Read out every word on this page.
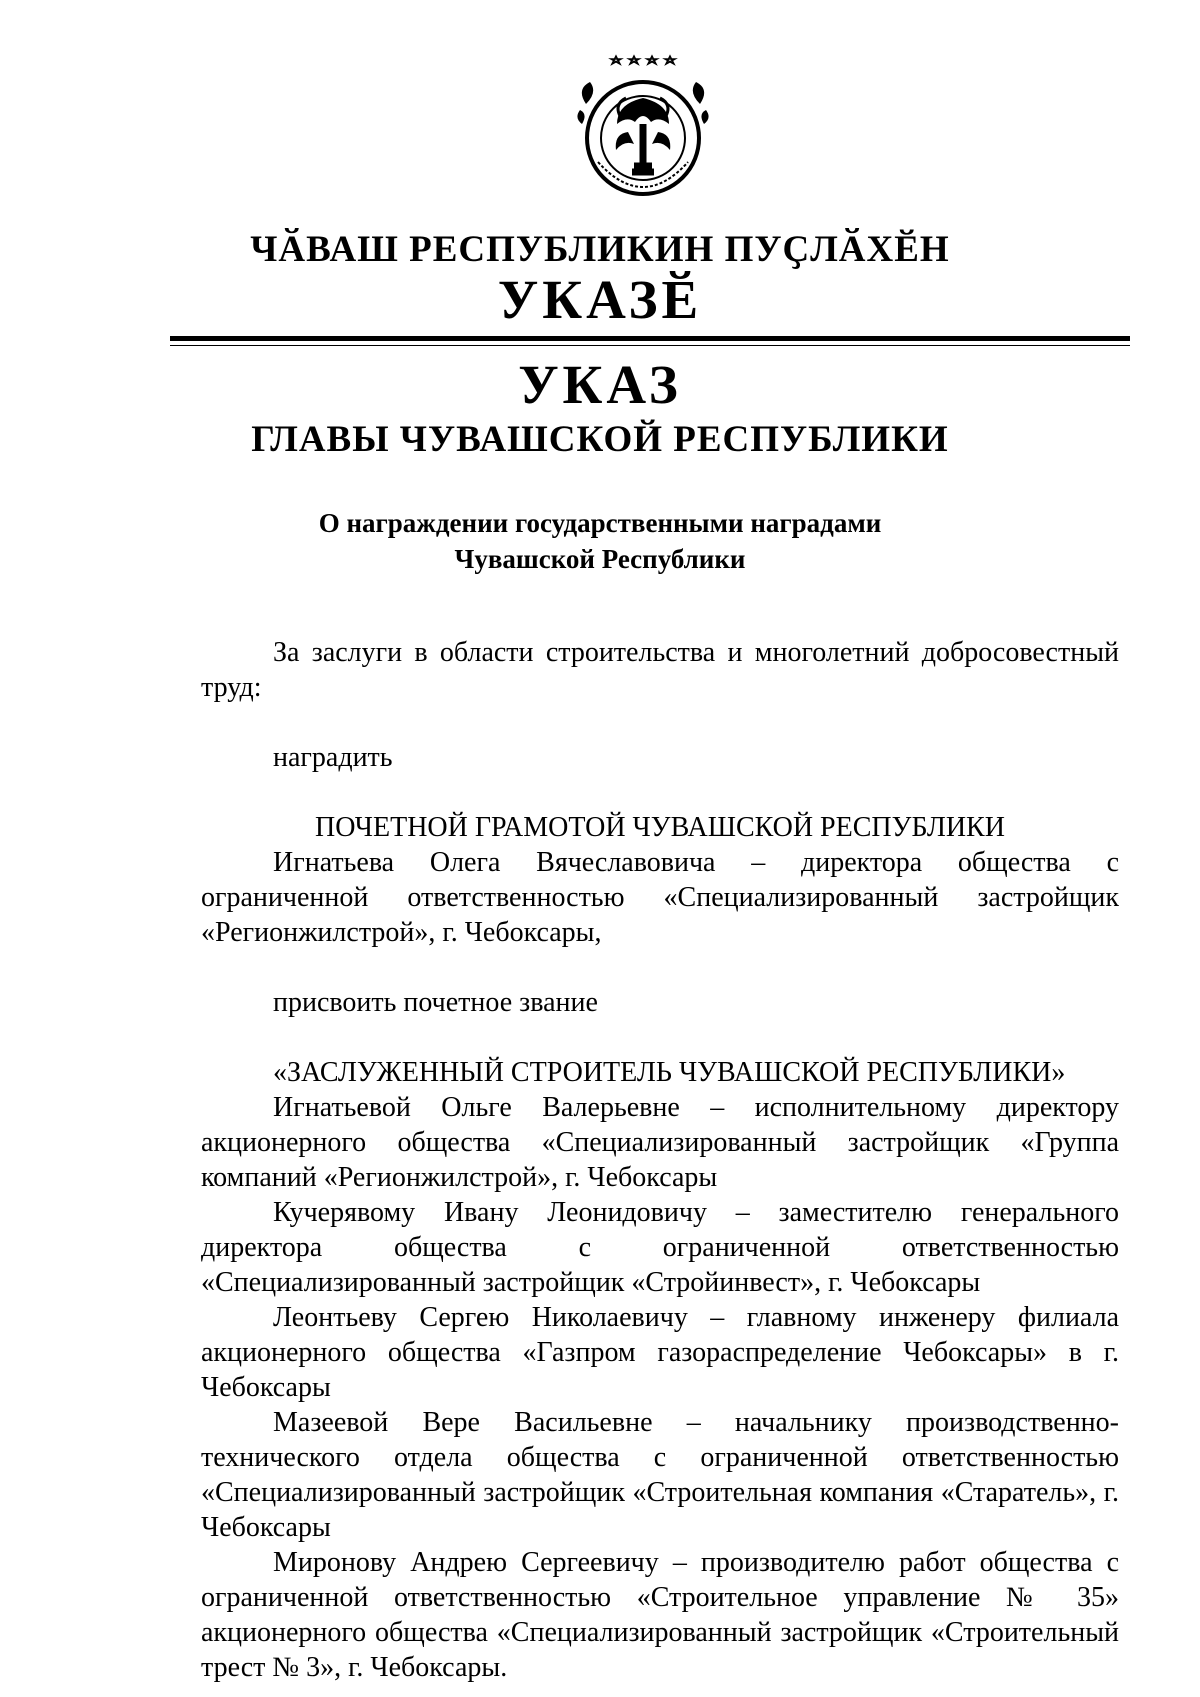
ЧӐВАШ РЕСПУБЛИКИН ПУҪЛӐХӖН
УКАЗӖ
УКАЗ
ГЛАВЫ ЧУВАШСКОЙ РЕСПУБЛИКИ
О награждении государственными наградами
Чувашской Республики

За заслуги в области строительства и многолетний добросовестный труд:

наградить

ПОЧЕТНОЙ ГРАМОТОЙ ЧУВАШСКОЙ РЕСПУБЛИКИ

Игнатьева Олега Вячеславовича – директора общества с ограниченной ответственностью «Специализированный застройщик «Регионжилстрой», г. Чебоксары,

присвоить почетное звание

«ЗАСЛУЖЕННЫЙ СТРОИТЕЛЬ ЧУВАШСКОЙ РЕСПУБЛИКИ»

Игнатьевой Ольге Валерьевне – исполнительному директору акционерного общества «Специализированный застройщик «Группа компаний «Регионжилстрой», г. Чебоксары

Кучерявому Ивану Леонидовичу – заместителю генерального директора общества с ограниченной ответственностью «Специализированный застройщик «Стройинвест», г. Чебоксары

Леонтьеву Сергею Николаевичу – главному инженеру филиала акционерного общества «Газпром газораспределение Чебоксары» в г. Чебоксары

Мазеевой Вере Васильевне – начальнику производственно-технического отдела общества с ограниченной ответственностью «Специализированный застройщик «Строительная компания «Старатель», г. Чебоксары

Миронову Андрею Сергеевичу – производителю работ общества с ограниченной ответственностью «Строительное управление № 35» акционерного общества «Специализированный застройщик «Строительный трест № 3», г. Чебоксары.
